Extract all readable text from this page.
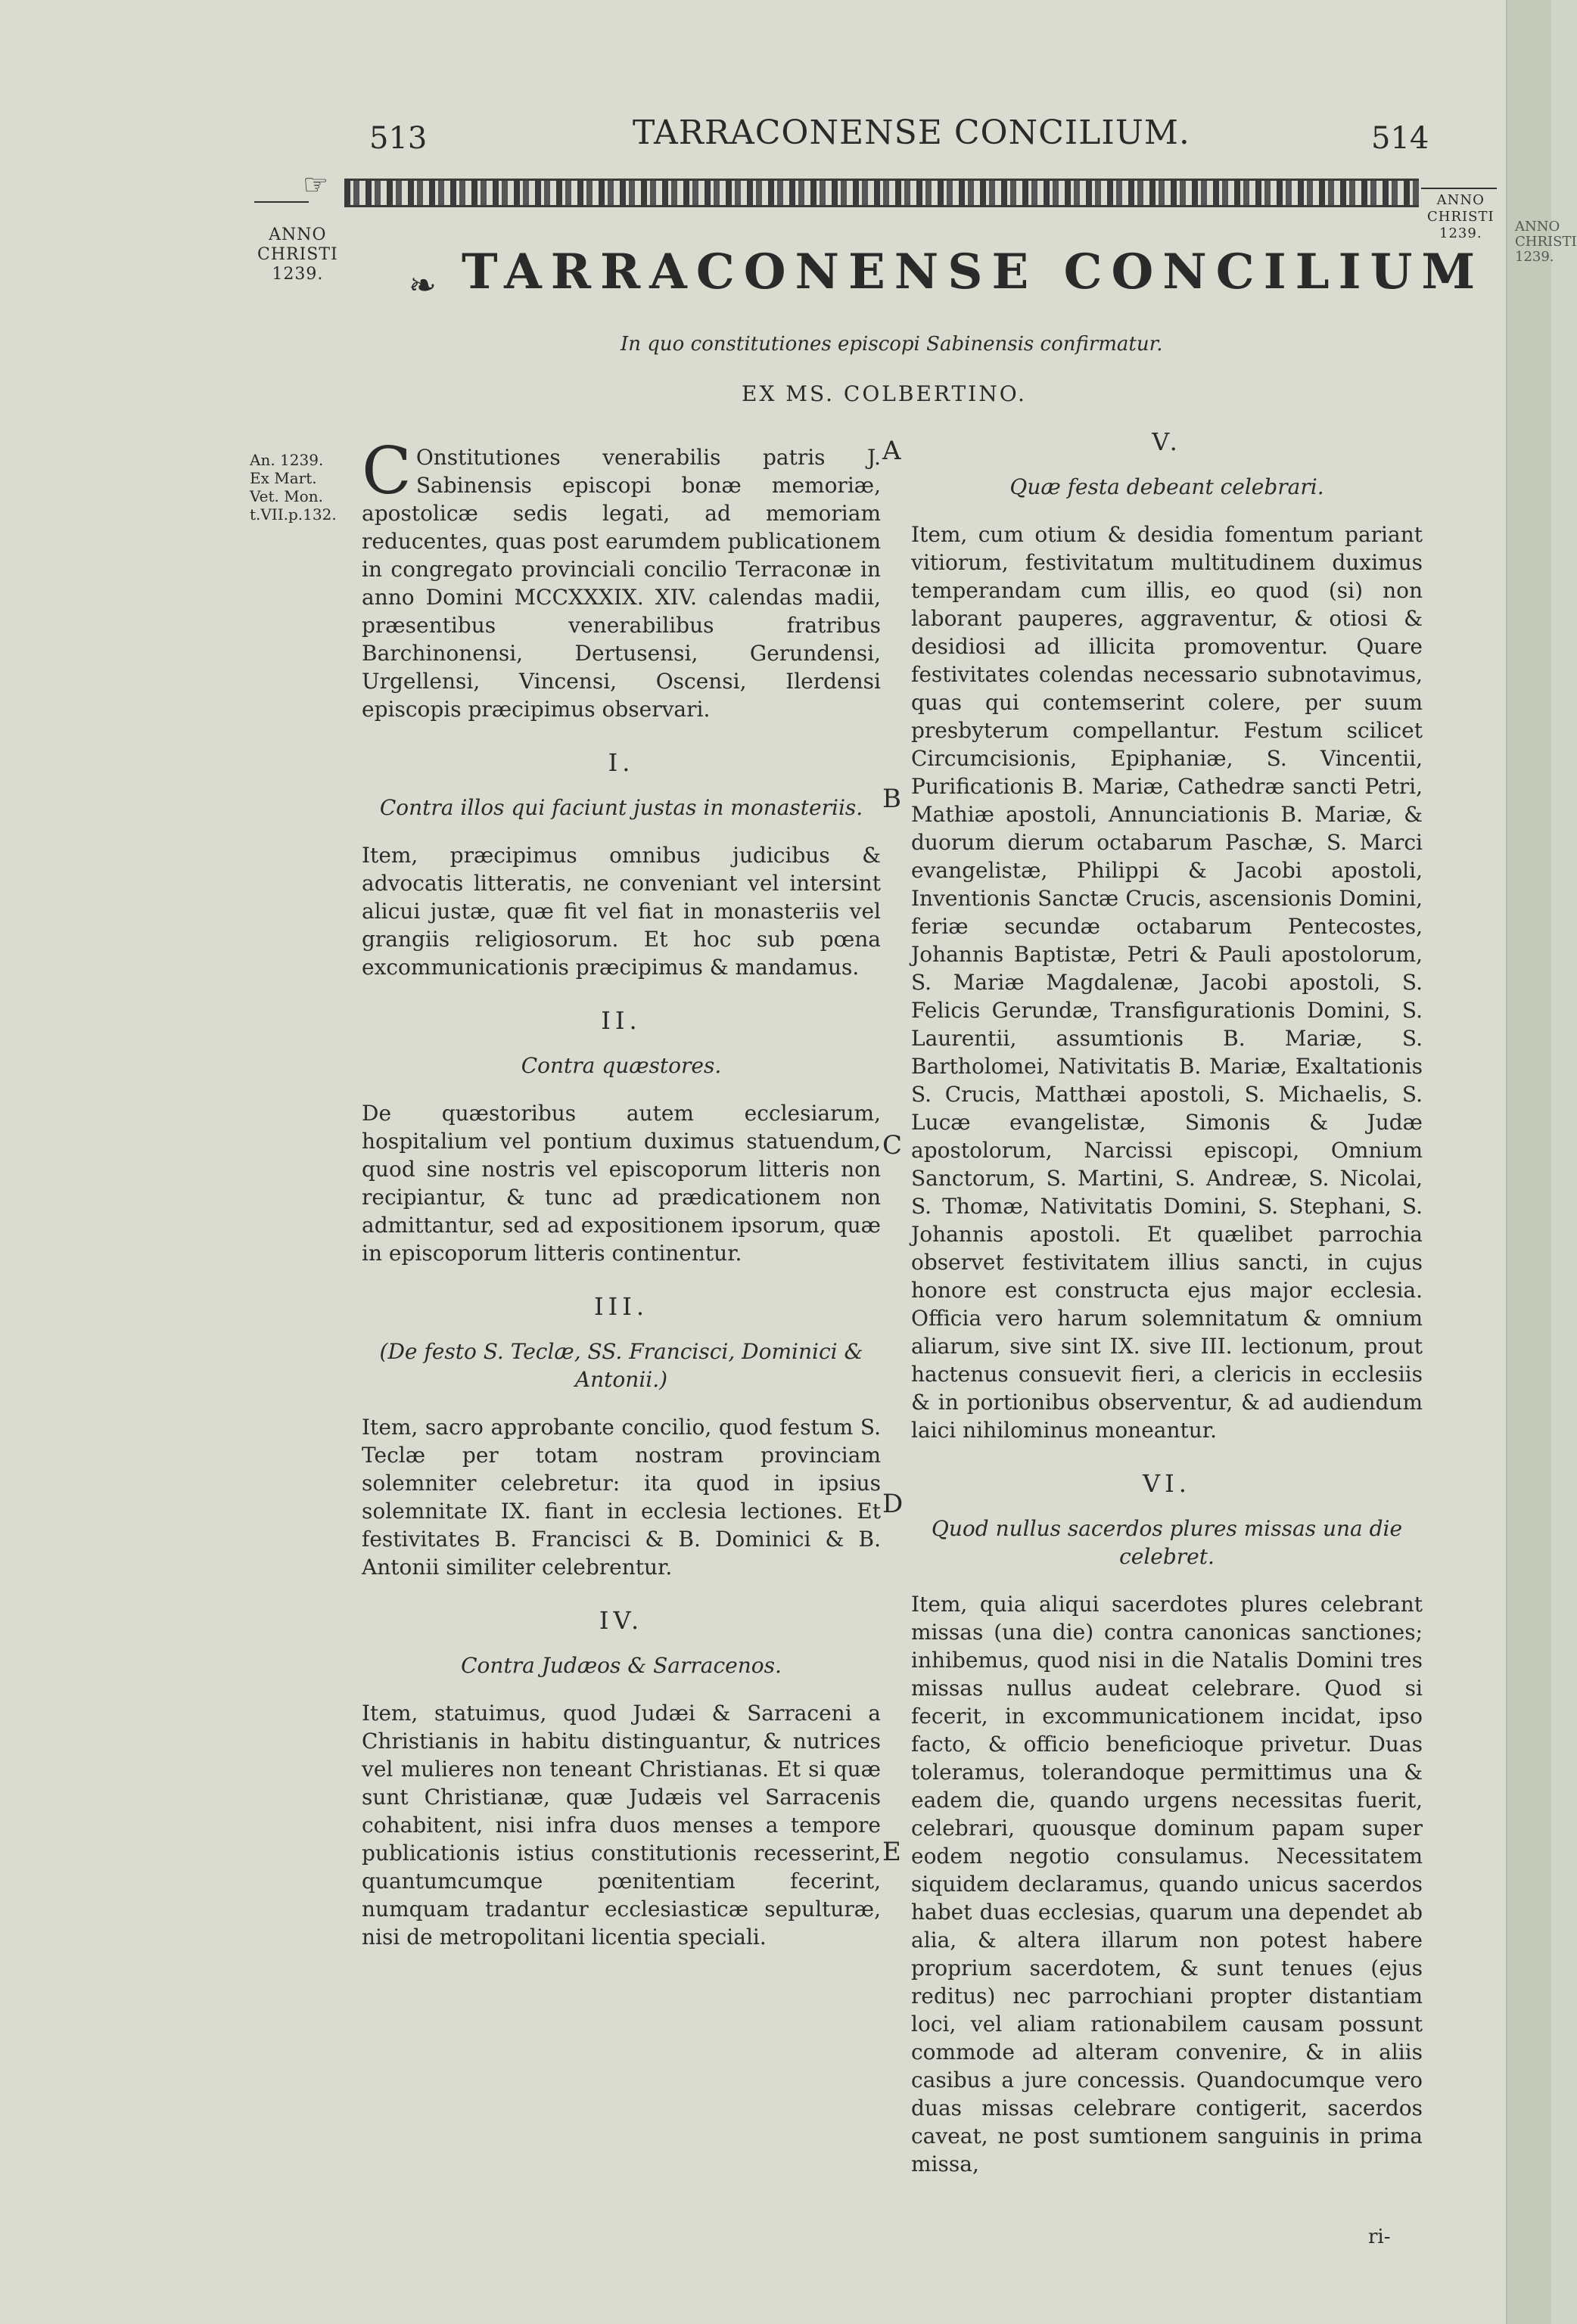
513	TARRACONENSE CONCILIUM.	514
☞
ANNO
CHRISTI
1239.
ANNO
CHRISTI
1239.
❧ TARRACONENSE CONCILIUM
In quo constitutiones episcopi Sabinensis confirmatur.
EX MS. COLBERTINO.
An. 1239.
Ex Mart.
Vet. Mon.
t.VII.p.132.
A
B
C
D
E

C Onstitutiones venerabilis patris J. Sabinensis episcopi bonæ memoriæ, apostolicæ sedis legati, ad memoriam reducentes, quas post earumdem publicationem in congregato provinciali concilio Terraconæ in anno Domini MCCXXXIX. XIV. calendas madii, præsentibus venerabilibus fratribus Barchinonensi, Dertusensi, Gerundensi, Urgellensi, Vincensi, Oscensi, Ilerdensi episcopis præcipimus observari.

I.
Contra illos qui faciunt justas in monasteriis.

Item, præcipimus omnibus judicibus & advocatis litteratis, ne conveniant vel intersint alicui justæ, quæ fit vel fiat in monasteriis vel grangiis religiosorum. Et hoc sub pœna excommunicationis præcipimus & mandamus.

II.
Contra quæstores.

De quæstoribus autem ecclesiarum, hospitalium vel pontium duximus statuendum, quod sine nostris vel episcoporum litteris non recipiantur, & tunc ad prædicationem non admittantur, sed ad expositionem ipsorum, quæ in episcoporum litteris continentur.

III.
(De festo S. Teclæ, SS. Francisci, Dominici & Antonii.)

Item, sacro approbante concilio, quod festum S. Teclæ per totam nostram provinciam solemniter celebretur: ita quod in ipsius solemnitate IX. fiant in ecclesia lectiones. Et festivitates B. Francisci & B. Dominici & B. Antonii similiter celebrentur.

IV.
Contra Judæos & Sarracenos.

Item, statuimus, quod Judæi & Sarraceni a Christianis in habitu distinguantur, & nutrices vel mulieres non teneant Christianas. Et si quæ sunt Christianæ, quæ Judæis vel Sarracenis cohabitent, nisi infra duos menses a tempore publicationis istius constitutionis recesserint, quantumcumque pœnitentiam fecerint, numquam tradantur ecclesiasticæ sepulturæ, nisi de metropolitani licentia speciali.

V.
Quæ festa debeant celebrari.

Item, cum otium & desidia fomentum pariant vitiorum, festivitatum multitudinem duximus temperandam cum illis, eo quod (si) non laborant pauperes, aggraventur, & otiosi & desidiosi ad illicita promoventur. Quare festivitates colendas necessario subnotavimus, quas qui contemserint colere, per suum presbyterum compellantur. Festum scilicet Circumcisionis, Epiphaniæ, S. Vincentii, Purificationis B. Mariæ, Cathedræ sancti Petri, Mathiæ apostoli, Annunciationis B. Mariæ, & duorum dierum octabarum Paschæ, S. Marci evangelistæ, Philippi & Jacobi apostoli, Inventionis Sanctæ Crucis, ascensionis Domini, feriæ secundæ octabarum Pentecostes, Johannis Baptistæ, Petri & Pauli apostolorum, S. Mariæ Magdalenæ, Jacobi apostoli, S. Felicis Gerundæ, Transfigurationis Domini, S. Laurentii, assumtionis B. Mariæ, S. Bartholomei, Nativitatis B. Mariæ, Exaltationis S. Crucis, Matthæi apostoli, S. Michaelis, S. Lucæ evangelistæ, Simonis & Judæ apostolorum, Narcissi episcopi, Omnium Sanctorum, S. Martini, S. Andreæ, S. Nicolai, S. Thomæ, Nativitatis Domini, S. Stephani, S. Johannis apostoli. Et quælibet parrochia observet festivitatem illius sancti, in cujus honore est constructa ejus major ecclesia. Officia vero harum solemnitatum & omnium aliarum, sive sint IX. sive III. lectionum, prout hactenus consuevit fieri, a clericis in ecclesiis & in portionibus observentur, & ad audiendum laici nihilominus moneantur.

VI.
Quod nullus sacerdos plures missas una die celebret.

Item, quia aliqui sacerdotes plures celebrant missas (una die) contra canonicas sanctiones; inhibemus, quod nisi in die Natalis Domini tres missas nullus audeat celebrare. Quod si fecerit, in excommunicationem incidat, ipso facto, & officio beneficioque privetur. Duas toleramus, tolerandoque permittimus una & eadem die, quando urgens necessitas fuerit, celebrari, quousque dominum papam super eodem negotio consulamus. Necessitatem siquidem declaramus, quando unicus sacerdos habet duas ecclesias, quarum una dependet ab alia, & altera illarum non potest habere proprium sacerdotem, & sunt tenues (ejus reditus) nec parrochiani propter distantiam loci, vel aliam rationabilem causam possunt commode ad alteram convenire, & in aliis casibus a jure concessis. Quandocumque vero duas missas celebrare contigerit, sacerdos caveat, ne post sumtionem sanguinis in prima missa,

ri-
ANNO
CHRISTI
1239.
